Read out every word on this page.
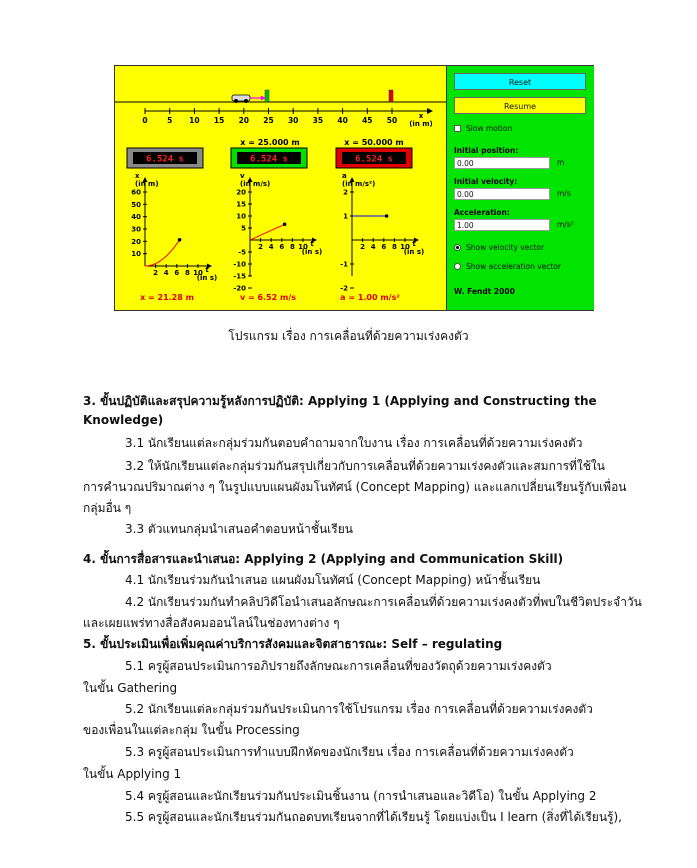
0	5 10 15 20 25 30 35 40 45 50	x (in m)
x = 25.000 m	x = 50.000 m
6.524 s	6.524 s	6.524 s
60
50
40
30
20
10
2 4 6 8 10
x (in m)
t (in s)
x = 21.28 m
20
15
10
5
-5
-10
-15
-20
2 4 6 8 10
v (in m/s)
t (in s)
v = 6.52 m/s
2
1
-1
-2
2 4 6 8 10
a (in m/s²)
t (in s)
a = 1.00 m/s²
Reset
Resume
Slow motion
Initial position:
0.00	m
Initial velocity:
0.00	m/s
Acceleration:
1.00	m/s²
Show velocity vector
Show acceleration vector
W. Fendt 2000
โปรแกรม เรื่อง การเคลื่อนที่ด้วยความเร่งคงตัว
3. ขั้นปฏิบัติและสรุปความรู้หลังการปฏิบัติ: Applying 1 (Applying and Constructing the
Knowledge)
3.1 นักเรียนแต่ละกลุ่มร่วมกันตอบคำถามจากใบงาน เรื่อง การเคลื่อนที่ด้วยความเร่งคงตัว
3.2 ให้นักเรียนแต่ละกลุ่มร่วมกันสรุปเกี่ยวกับการเคลื่อนที่ด้วยความเร่งคงตัวและสมการที่ใช้ใน
การคำนวณปริมาณต่าง ๆ ในรูปแบบแผนผังมโนทัศน์ (Concept Mapping) และแลกเปลี่ยนเรียนรู้กับเพื่อน
กลุ่มอื่น ๆ
3.3 ตัวแทนกลุ่มนำเสนอคำตอบหน้าชั้นเรียน
4. ขั้นการสื่อสารและนำเสนอ: Applying 2 (Applying and Communication Skill)
4.1 นักเรียนร่วมกันนำเสนอ แผนผังมโนทัศน์ (Concept Mapping) หน้าชั้นเรียน
4.2 นักเรียนร่วมกันทำคลิปวิดีโอนำเสนอลักษณะการเคลื่อนที่ด้วยความเร่งคงตัวที่พบในชีวิตประจำวัน
และเผยแพร่ทางสื่อสังคมออนไลน์ในช่องทางต่าง ๆ
5. ขั้นประเมินเพื่อเพิ่มคุณค่าบริการสังคมและจิตสาธารณะ: Self – regulating
5.1 ครูผู้สอนประเมินการอภิปรายถึงลักษณะการเคลื่อนที่ของวัตถุด้วยความเร่งคงตัว
ในขั้น Gathering
5.2 นักเรียนแต่ละกลุ่มร่วมกันประเมินการใช้โปรแกรม เรื่อง การเคลื่อนที่ด้วยความเร่งคงตัว
ของเพื่อนในแต่ละกลุ่ม ในขั้น Processing
5.3 ครูผู้สอนประเมินการทำแบบฝึกหัดของนักเรียน เรื่อง การเคลื่อนที่ด้วยความเร่งคงตัว
ในขั้น Applying 1
5.4 ครูผู้สอนและนักเรียนร่วมกันประเมินชิ้นงาน (การนำเสนอและวิดีโอ) ในขั้น Applying 2
5.5 ครูผู้สอนและนักเรียนร่วมกันถอดบทเรียนจากที่ได้เรียนรู้ โดยแบ่งเป็น I learn (สิ่งที่ได้เรียนรู้),
